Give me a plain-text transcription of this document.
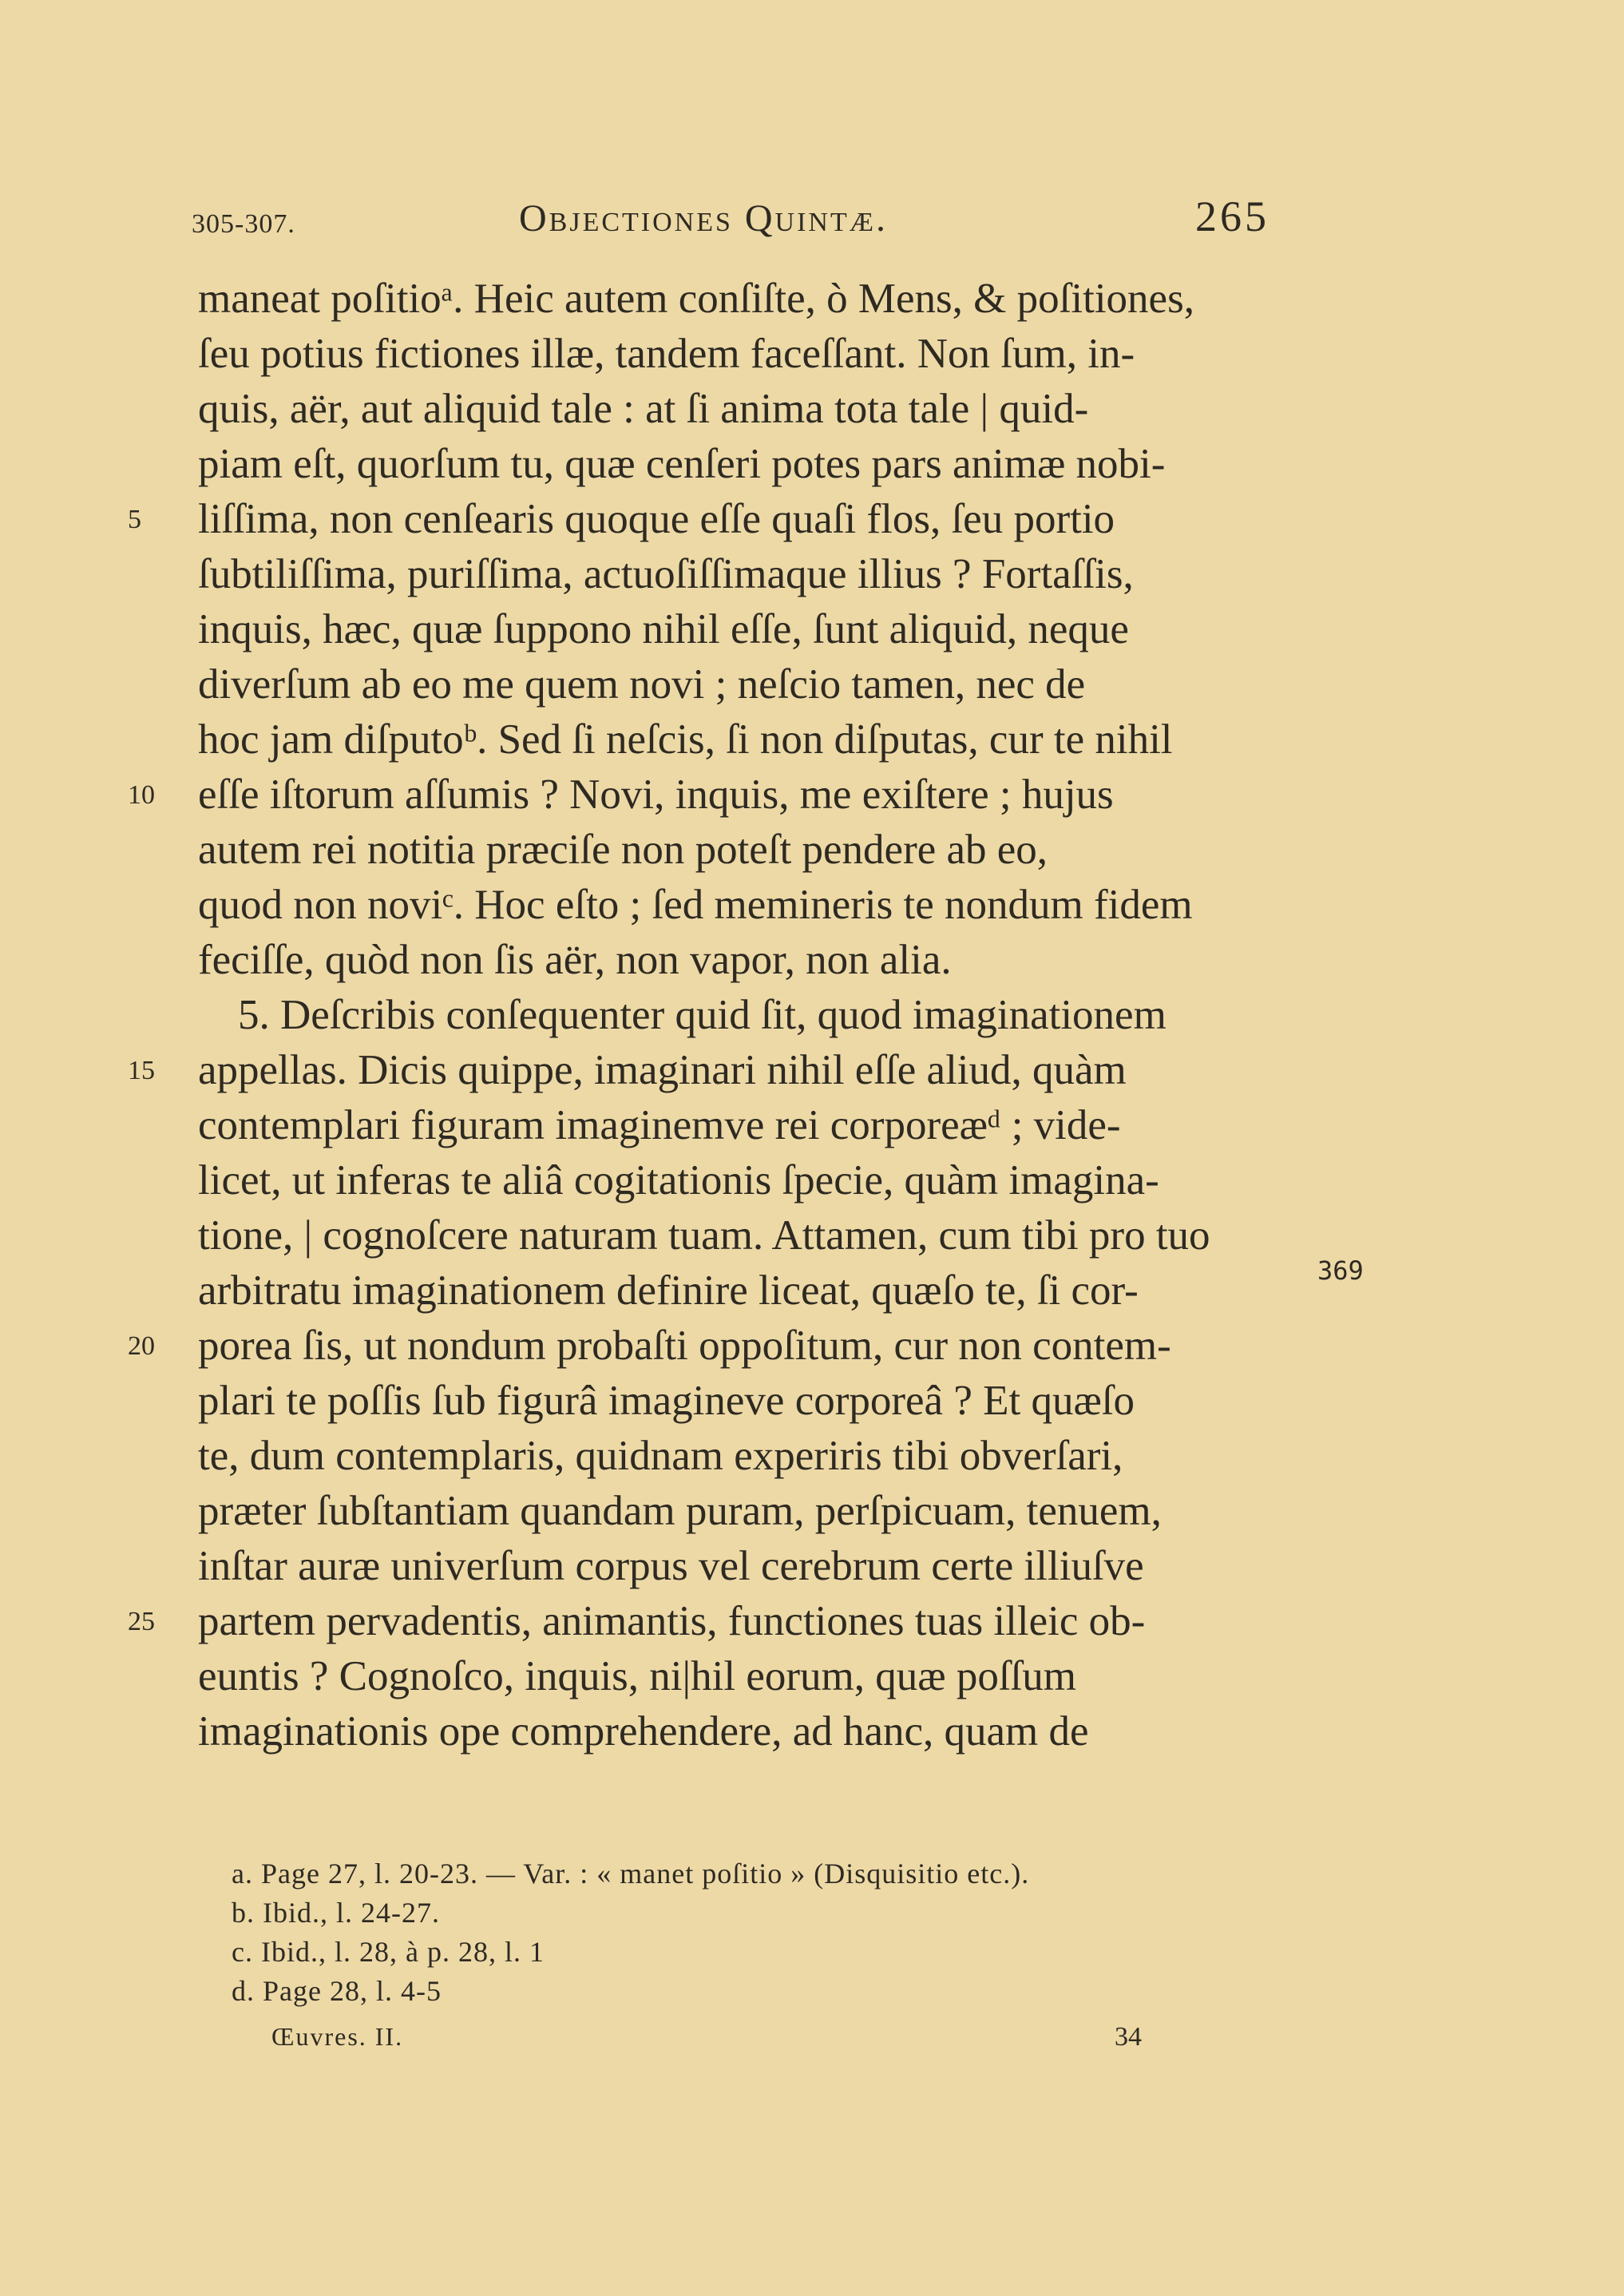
305-307.	Objectiones Quintæ.	265
maneat poſitioᵃ. Heic autem conſiſte, ò Mens, & poſitiones,
ſeu potius fictiones illæ, tandem faceſſant. Non ſum, in-
quis, aër, aut aliquid tale : at ſi anima tota tale | quid-
piam eſt, quorſum tu, quæ cenſeri potes pars animæ nobi-
5	liſſima, non cenſearis quoque eſſe quaſi flos, ſeu portio
ſubtiliſſima, puriſſima, actuoſiſſimaque illius ? Fortaſſis,
inquis, hæc, quæ ſuppono nihil eſſe, ſunt aliquid, neque
diverſum ab eo me quem novi ; neſcio tamen, nec de
hoc jam diſputoᵇ. Sed ſi neſcis, ſi non diſputas, cur te nihil
10	eſſe iſtorum aſſumis ? Novi, inquis, me exiſtere ; hujus
autem rei notitia præciſe non poteſt pendere ab eo,
quod non noviᶜ. Hoc eſto ; ſed memineris te nondum fidem
feciſſe, quòd non ſis aër, non vapor, non alia.
5. Deſcribis conſequenter quid ſit, quod imaginationem
15	appellas. Dicis quippe, imaginari nihil eſſe aliud, quàm
contemplari figuram imaginemve rei corporeæᵈ ; vide-
licet, ut inferas te aliâ cogitationis ſpecie, quàm imagina-
tione, | cognoſcere naturam tuam. Attamen, cum tibi pro tuo
arbitratu imaginationem definire liceat, quæſo te, ſi cor-
20	porea ſis, ut nondum probaſti oppoſitum, cur non contem-
plari te poſſis ſub figurâ imagineve corporeâ ? Et quæſo
te, dum contemplaris, quidnam experiris tibi obverſari,
præter ſubſtantiam quandam puram, perſpicuam, tenuem,
inſtar auræ univerſum corpus vel cerebrum certe illiuſve
25	partem pervadentis, animantis, functiones tuas illeic ob-
euntis ? Cognoſco, inquis, ni|hil eorum, quæ poſſum
imaginationis ope comprehendere, ad hanc, quam de
369
a. Page 27, l. 20-23. — Var. : « manet poſitio » (Disquisitio etc.).
b. Ibid., l. 24-27.
c. Ibid., l. 28, à p. 28, l. 1
d. Page 28, l. 4-5
Œuvres. II.	34
